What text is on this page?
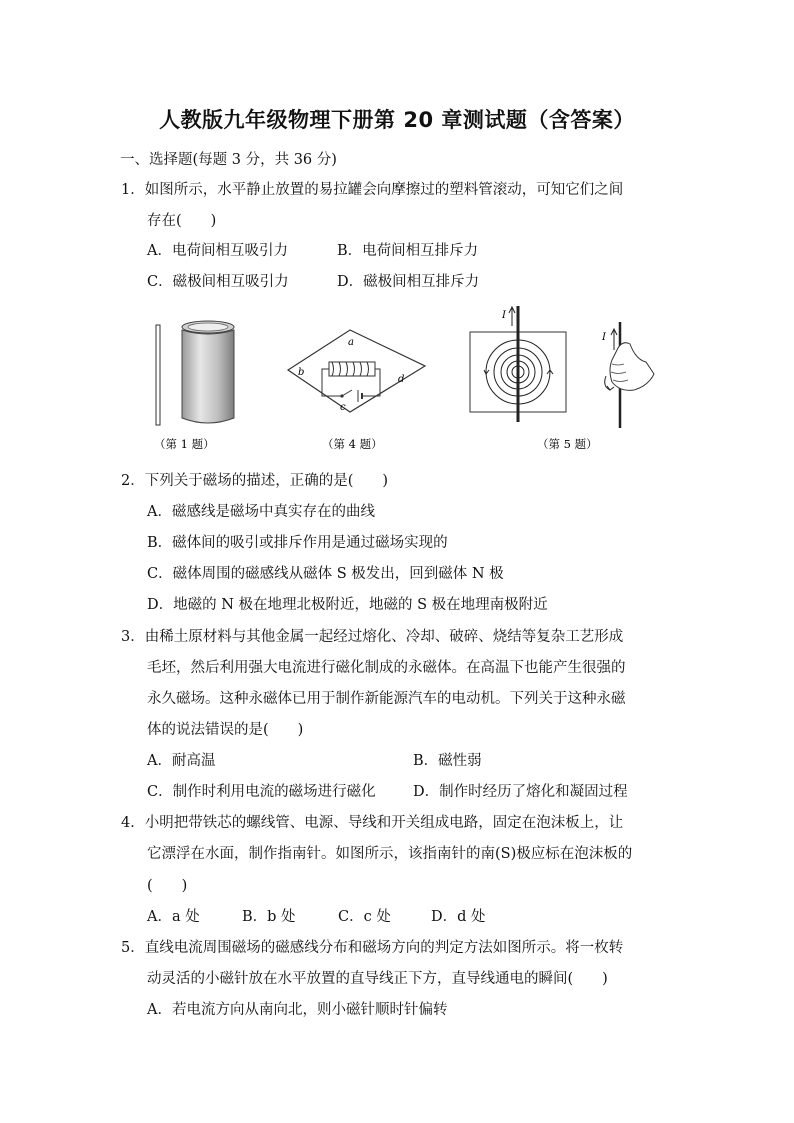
人教版九年级物理下册第 20 章测试题（含答案）
一、选择题(每题 3 分，共 36 分)
1．如图所示，水平静止放置的易拉罐会向摩擦过的塑料管滚动，可知它们之间
存在(　　)
A．电荷间相互吸引力	B．电荷间相互排斥力
C．磁极间相互吸引力	D．磁极间相互排斥力
（第 1 题）
a
b
c
d
（第 4 题）
I
I
（第 5 题）
2．下列关于磁场的描述，正确的是(　　)
A．磁感线是磁场中真实存在的曲线
B．磁体间的吸引或排斥作用是通过磁场实现的
C．磁体周围的磁感线从磁体 S 极发出，回到磁体 N 极
D．地磁的 N 极在地理北极附近，地磁的 S 极在地理南极附近
3．由稀土原材料与其他金属一起经过熔化、冷却、破碎、烧结等复杂工艺形成
毛坯，然后利用强大电流进行磁化制成的永磁体。在高温下也能产生很强的
永久磁场。这种永磁体已用于制作新能源汽车的电动机。下列关于这种永磁
体的说法错误的是(　　)
A．耐高温	B．磁性弱
C．制作时利用电流的磁场进行磁化	D．制作时经历了熔化和凝固过程
4．小明把带铁芯的螺线管、电源、导线和开关组成电路，固定在泡沫板上，让
它漂浮在水面，制作指南针。如图所示，该指南针的南(S)极应标在泡沫板的
(　　)
A．a 处	B．b 处	C．c 处	D．d 处
5．直线电流周围磁场的磁感线分布和磁场方向的判定方法如图所示。将一枚转
动灵活的小磁针放在水平放置的直导线正下方，直导线通电的瞬间(　　)
A．若电流方向从南向北，则小磁针顺时针偏转
